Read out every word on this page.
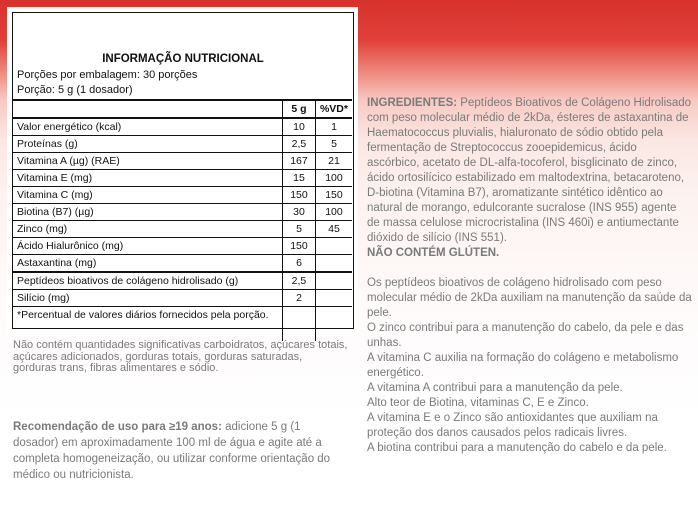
INFORMAÇÃO NUTRICIONAL
Porções por embalagem: 30 porções
Porção: 5 g (1 dosador)
	5 g	%VD*
Valor energético (kcal)	10	1
Proteínas (g)	2,5	5
Vitamina A (µg) (RAE)	167	21
Vitamina E (mg)	15	100
Vitamina C (mg)	150	150
Biotina (B7) (µg)	30	100
Zinco (mg)	5	45
Ácido Hialurônico (mg)	150	
Astaxantina (mg)	6	
Peptídeos bioativos de colágeno hidrolisado (g)	2,5	
Silício (mg)	2	
*Percentual de valores diários fornecidos pela porção.		
Não contém quantidades significativas carboidratos, açúcares totais, açúcares adicionados, gorduras totais, gorduras saturadas, gorduras trans, fibras alimentares e sódio.
Recomendação de uso para ≥19 anos: adicione 5 g (1 dosador) em aproximadamente 100 ml de água e agite até a completa homogeneização, ou utilizar conforme orientação do médico ou nutricionista.

INGREDIENTES: Peptídeos Bioativos de Colágeno Hidrolisado com peso molecular médio de 2kDa, ésteres de astaxantina de Haematococcus pluvialis, hialuronato de sódio obtido pela fermentação de Streptococcus zooepidemicus, ácido ascórbico, acetato de DL-alfa-tocoferol, bisglicinato de zinco, ácido ortosilícico estabilizado em maltodextrina, betacaroteno, D-biotina (Vitamina B7), aromatizante sintético idêntico ao natural de morango, edulcorante sucralose (INS 955) agente de massa celulose microcristalina (INS 460i) e antiumectante dióxido de silício (INS 551).

NÃO CONTÉM GLÚTEN.

Os peptídeos bioativos de colágeno hidrolisado com peso molecular médio de 2kDa auxiliam na manutenção da saúde da pele.

O zinco contribui para a manutenção do cabelo, da pele e das unhas.

A vitamina C auxilia na formação do colágeno e metabolismo energético.

A vitamina A contribui para a manutenção da pele.

Alto teor de Biotina, vitaminas C, E e Zinco.

A vitamina E e o Zinco são antioxidantes que auxiliam na proteção dos danos causados pelos radicais livres.

A biotina contribui para a manutenção do cabelo e da pele.
